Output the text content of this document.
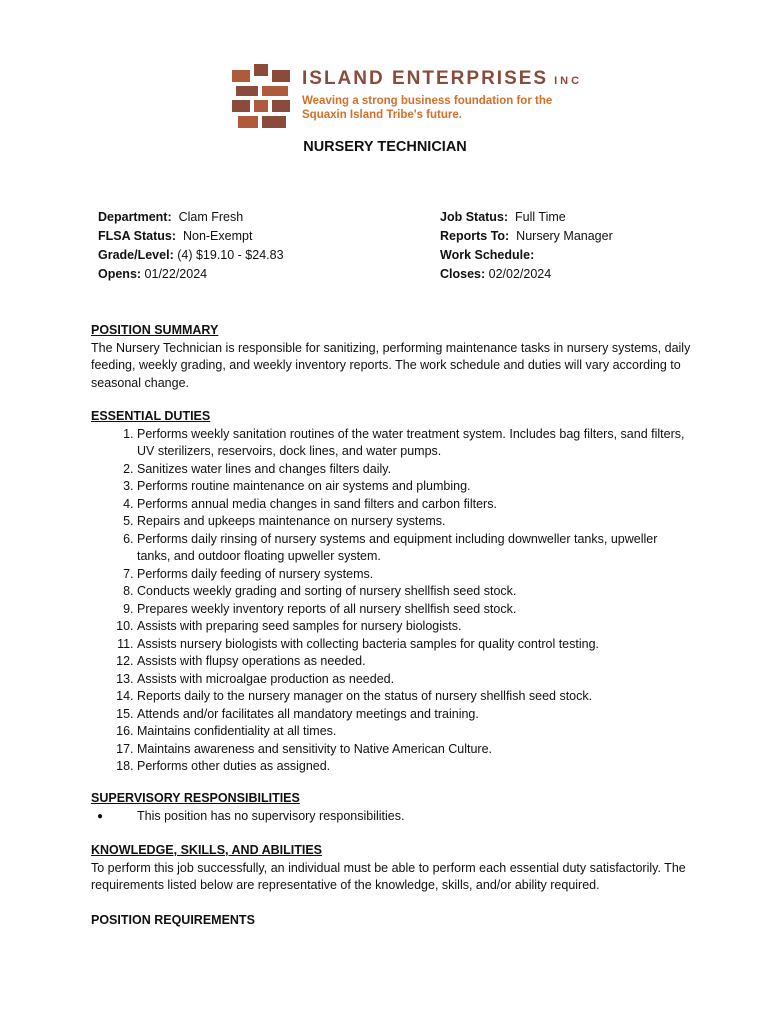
ISLAND ENTERPRISES INC
Weaving a strong business foundation for the Squaxin Island Tribe's future.
NURSERY TECHNICIAN
Department: Clam Fresh
FLSA Status: Non-Exempt
Grade/Level: (4) $19.10 - $24.83
Opens: 01/22/2024
Job Status: Full Time
Reports To: Nursery Manager
Work Schedule:
Closes: 02/02/2024
POSITION SUMMARY

The Nursery Technician is responsible for sanitizing, performing maintenance tasks in nursery systems, daily feeding, weekly grading, and weekly inventory reports. The work schedule and duties will vary according to seasonal change.

ESSENTIAL DUTIES
1. Performs weekly sanitation routines of the water treatment system. Includes bag filters, sand filters, UV sterilizers, reservoirs, dock lines, and water pumps.
2. Sanitizes water lines and changes filters daily.
3. Performs routine maintenance on air systems and plumbing.
4. Performs annual media changes in sand filters and carbon filters.
5. Repairs and upkeeps maintenance on nursery systems.
6. Performs daily rinsing of nursery systems and equipment including downweller tanks, upweller tanks, and outdoor floating upweller system.
7. Performs daily feeding of nursery systems.
8. Conducts weekly grading and sorting of nursery shellfish seed stock.
9. Prepares weekly inventory reports of all nursery shellfish seed stock.
10. Assists with preparing seed samples for nursery biologists.
11. Assists nursery biologists with collecting bacteria samples for quality control testing.
12. Assists with flupsy operations as needed.
13. Assists with microalgae production as needed.
14. Reports daily to the nursery manager on the status of nursery shellfish seed stock.
15. Attends and/or facilitates all mandatory meetings and training.
16. Maintains confidentiality at all times.
17. Maintains awareness and sensitivity to Native American Culture.
18. Performs other duties as assigned.
SUPERVISORY RESPONSIBILITIES
● This position has no supervisory responsibilities.
KNOWLEDGE, SKILLS, AND ABILITIES

To perform this job successfully, an individual must be able to perform each essential duty satisfactorily. The requirements listed below are representative of the knowledge, skills, and/or ability required.

POSITION REQUIREMENTS
